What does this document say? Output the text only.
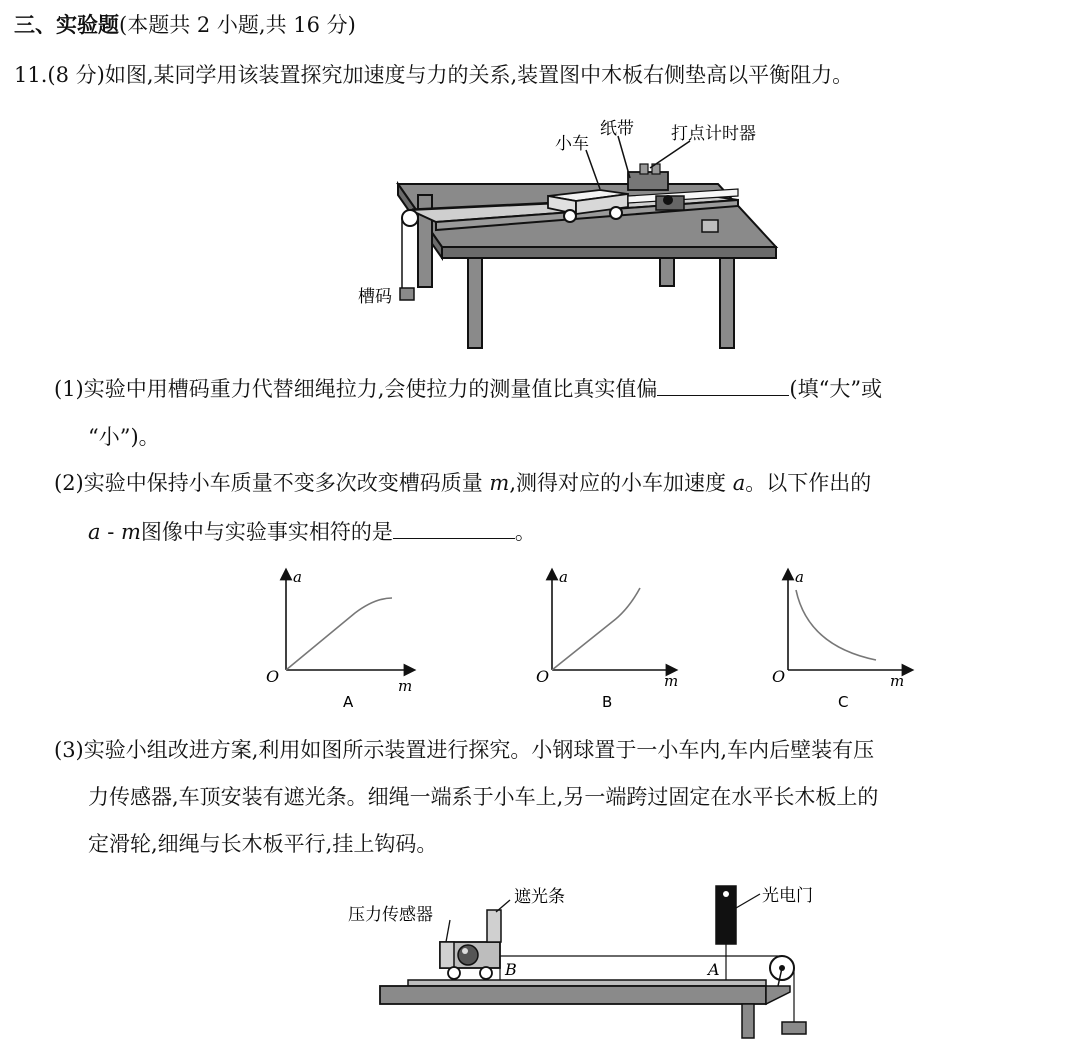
三、实验题(本题共 2 小题,共 16 分)
11.(8 分)如图,某同学用该装置探究加速度与力的关系,装置图中木板右侧垫高以平衡阻力。
小车
纸带 打点计时器
槽码
(1)实验中用槽码重力代替细绳拉力,会使拉力的测量值比真实值偏	(填“大”或
“小”)。
(2)实验中保持小车质量不变多次改变槽码质量 m,测得对应的小车加速度 a。以下作出的
a - m图像中与实验事实相符的是	。
a
m
O
A
a
m
O
B
a
m
O
C
(3)实验小组改进方案,利用如图所示装置进行探究。小钢球置于一小车内,车内后壁装有压
力传感器,车顶安装有遮光条。细绳一端系于小车上,另一端跨过固定在水平长木板上的
定滑轮,细绳与长木板平行,挂上钩码。
压力传感器
遮光条	光电门
B	A
